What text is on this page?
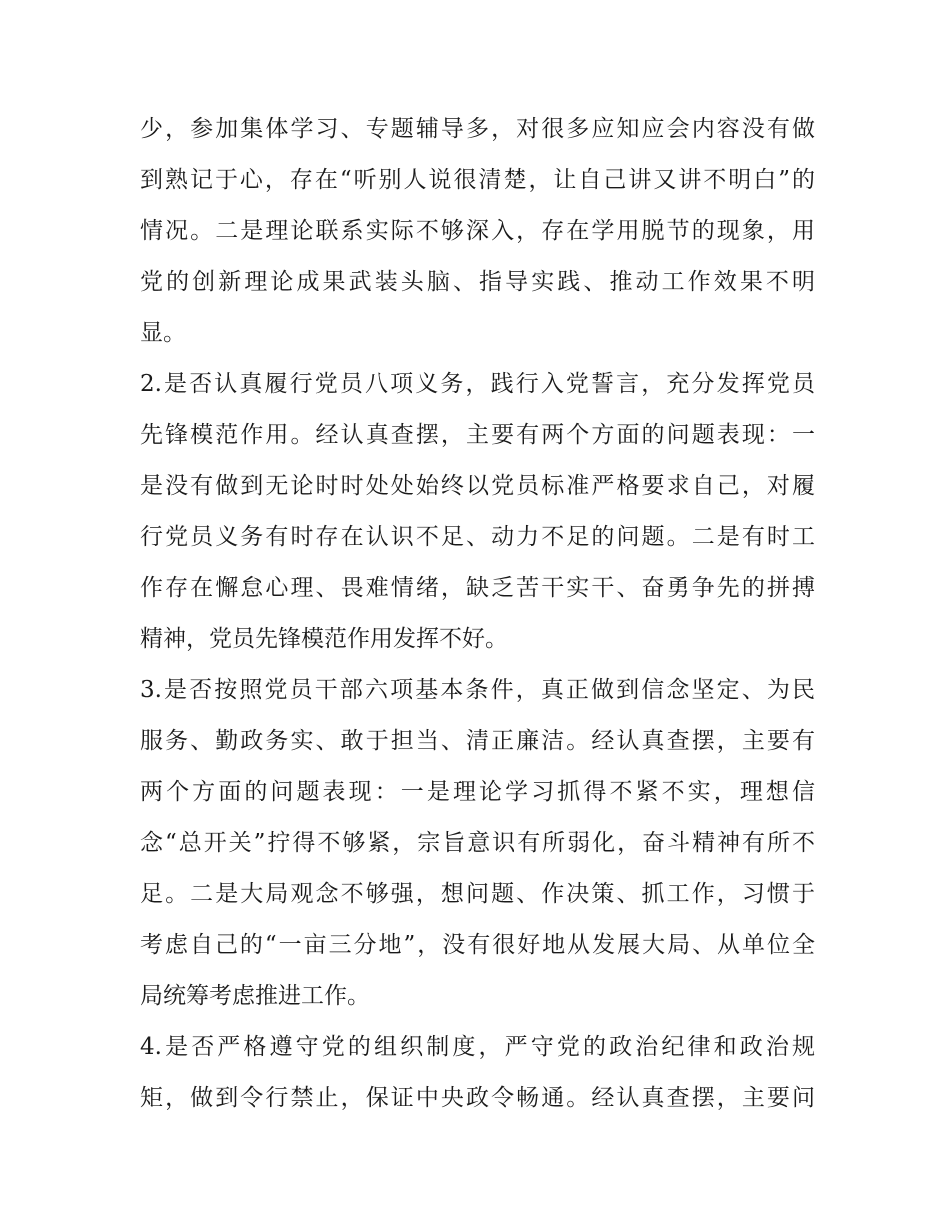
少，参加集体学习、专题辅导多，对很多应知应会内容没有做
到熟记于心，存在“听别人说很清楚，让自己讲又讲不明白”的
情况。二是理论联系实际不够深入，存在学用脱节的现象，用
党的创新理论成果武装头脑、指导实践、推动工作效果不明
显。
2.是否认真履行党员八项义务，践行入党誓言，充分发挥党员
先锋模范作用。经认真查摆，主要有两个方面的问题表现：一
是没有做到无论时时处处始终以党员标准严格要求自己，对履
行党员义务有时存在认识不足、动力不足的问题。二是有时工
作存在懈怠心理、畏难情绪，缺乏苦干实干、奋勇争先的拼搏
精神，党员先锋模范作用发挥不好。
3.是否按照党员干部六项基本条件，真正做到信念坚定、为民
服务、勤政务实、敢于担当、清正廉洁。经认真查摆，主要有
两个方面的问题表现：一是理论学习抓得不紧不实，理想信
念“总开关”拧得不够紧，宗旨意识有所弱化，奋斗精神有所不
足。二是大局观念不够强，想问题、作决策、抓工作，习惯于
考虑自己的“一亩三分地”，没有很好地从发展大局、从单位全
局统筹考虑推进工作。
4.是否严格遵守党的组织制度，严守党的政治纪律和政治规
矩，做到令行禁止，保证中央政令畅通。经认真查摆，主要问
